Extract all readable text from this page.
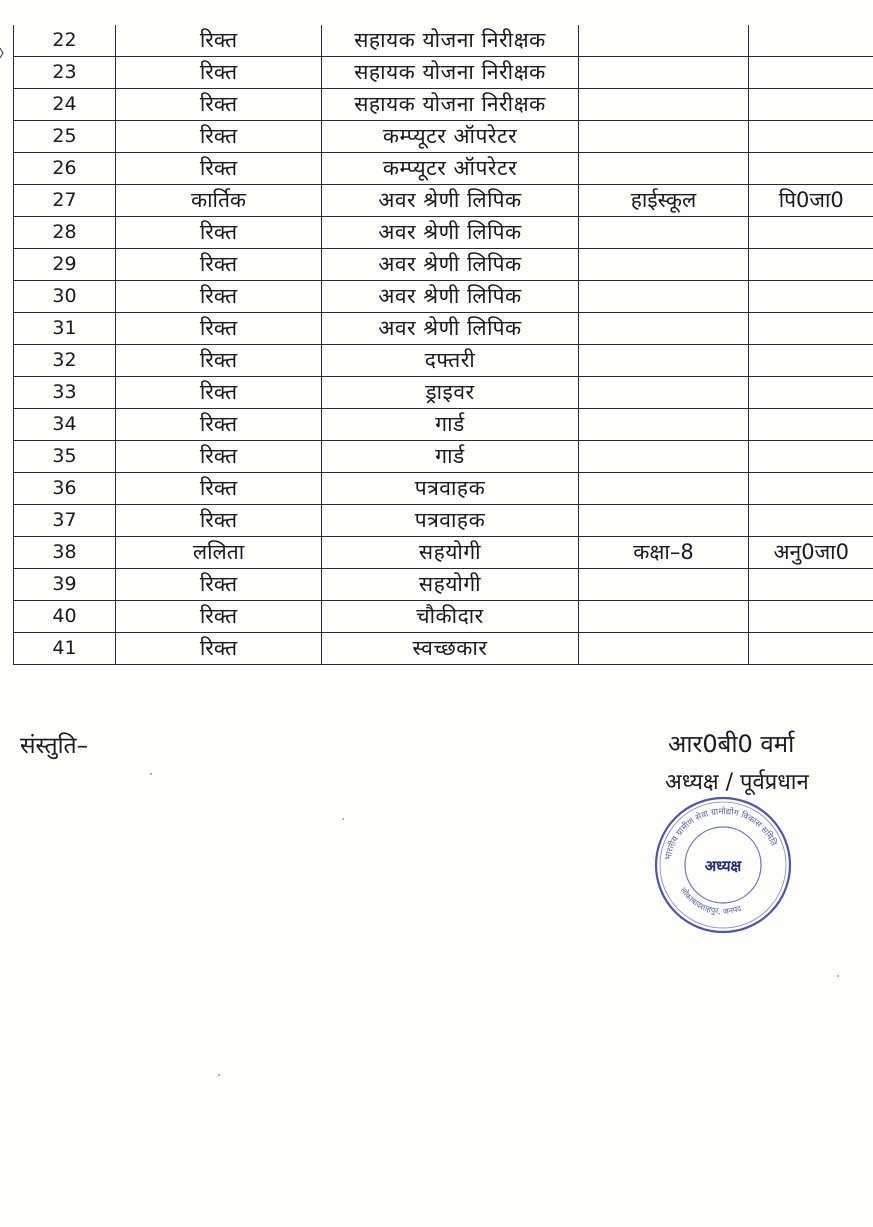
22	रिक्त	सहायक योजना निरीक्षक		
23	रिक्त	सहायक योजना निरीक्षक		
24	रिक्त	सहायक योजना निरीक्षक		
25	रिक्त	कम्प्यूटर ऑपरेटर		
26	रिक्त	कम्प्यूटर ऑपरेटर		
27	कार्तिक	अवर श्रेणी लिपिक	हाईस्कूल	पि0जा0
28	रिक्त	अवर श्रेणी लिपिक		
29	रिक्त	अवर श्रेणी लिपिक		
30	रिक्त	अवर श्रेणी लिपिक		
31	रिक्त	अवर श्रेणी लिपिक		
32	रिक्त	दफ्तरी		
33	रिक्त	ड्राइवर		
34	रिक्त	गार्ड		
35	रिक्त	गार्ड		
36	रिक्त	पत्रवाहक		
37	रिक्त	पत्रवाहक		
38	ललिता	सहयोगी	कक्षा–8	अनु0जा0
39	रिक्त	सहयोगी		
40	रिक्त	चौकीदार		
41	रिक्त	स्वच्छकार		
संस्तुति–	आर0बी0 वर्मा
अध्यक्ष / पूर्वप्रधान
भारतीय ग्रामीण सेवा ग्रामोद्योग विकास समिति
लोकाबादशाहपुर, जनपद
अध्यक्ष
